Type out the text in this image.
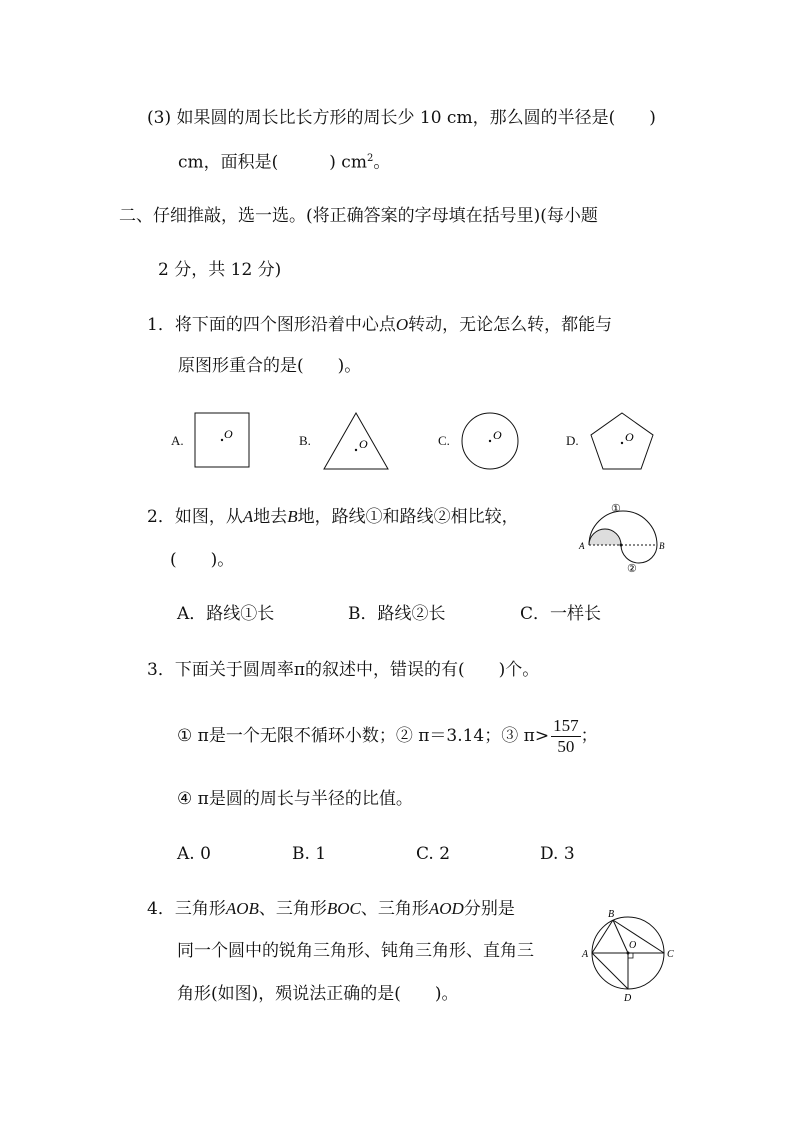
(3) 如果圆的周长比长方形的周长少 10 cm，那么圆的半径是(　　)
cm，面积是(　　　) $cm^2$。
二、仔细推敲，选一选。(将正确答案的字母填在括号里)(每小题
2 分，共 12 分)
1．将下面的四个图形沿着中心点O转动，无论怎么转，都能与
原图形重合的是(　　)。
A.	B.	C.	D.
O
O
O	O
2．如图，从A地去B地，路线①和路线②相比较，
(　　)。
①
②
A	B
A．路线①长	B．路线②长	C．一样长
3．下面关于圆周率π的叙述中，错误的有(　　)个。
① π是一个无限不循环小数；② π＝3.14；③ $\pi> \frac{157}{50}$ ；
④ π是圆的周长与半径的比值。
A. 0	B. 1	C. 2	D. 3
4．三角形AOB、三角形BOC、三角形AOD分别是
同一个圆中的锐角三角形、钝角三角形、直角三
角形(如图)，殒说法正确的是(　　)。
B
O
A	C
D
